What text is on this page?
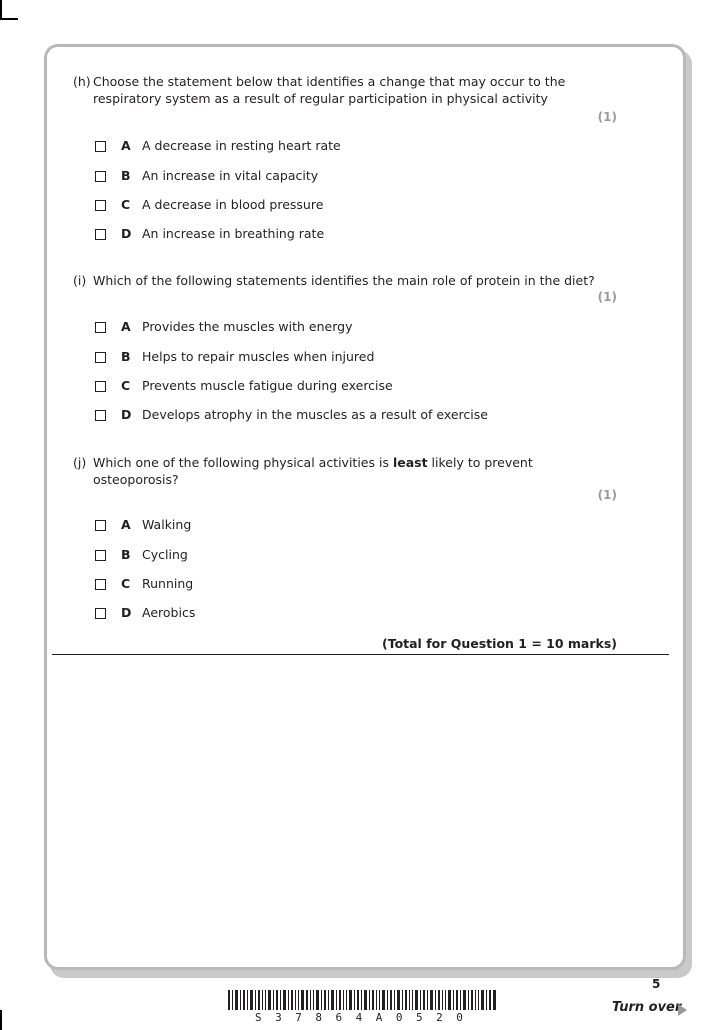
(h) Choose the statement below that identifies a change that may occur to the respiratory system as a result of regular participation in physical activity
(1)
A A decrease in resting heart rate
B An increase in vital capacity
C A decrease in blood pressure
D An increase in breathing rate
(i) Which of the following statements identifies the main role of protein in the diet?
(1)
A Provides the muscles with energy
B Helps to repair muscles when injured
C Prevents muscle fatigue during exercise
D Develops atrophy in the muscles as a result of exercise
(j) Which one of the following physical activities is least likely to prevent osteoporosis?
(1)
A Walking
B Cycling
C Running
D Aerobics
(Total for Question 1 = 10 marks)
5
S37864A0520
Turn over
